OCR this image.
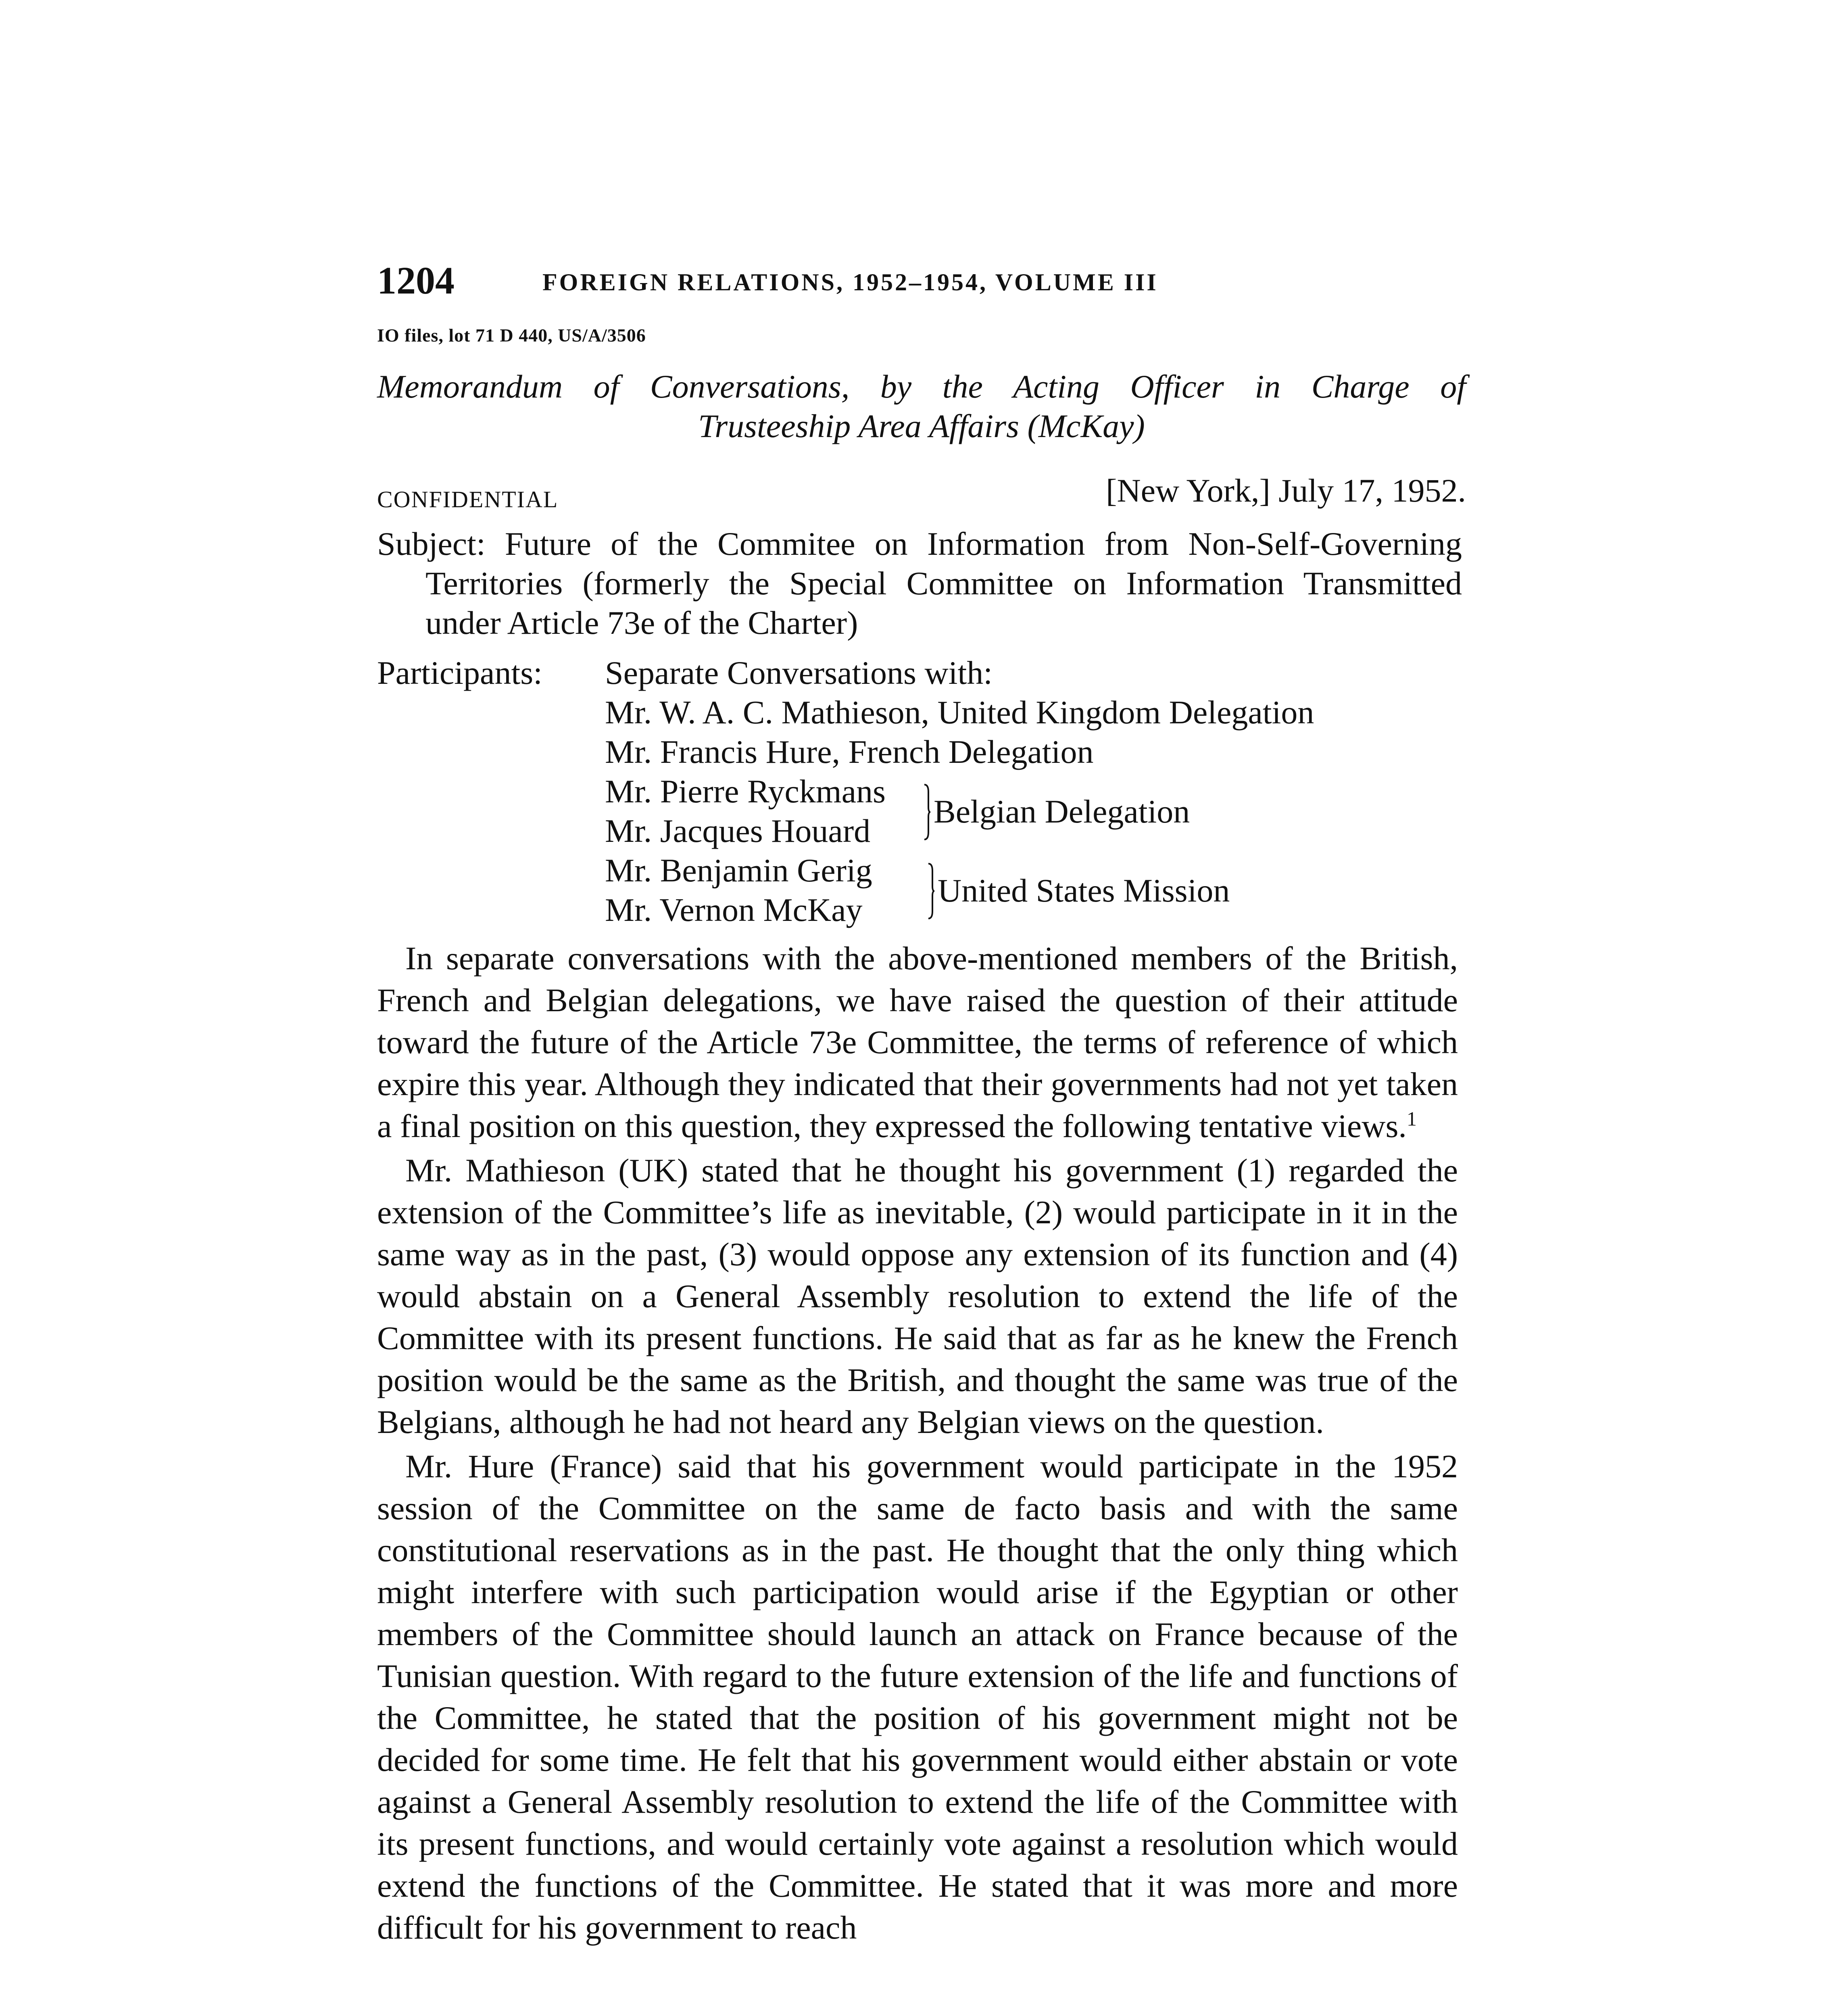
1204	FOREIGN RELATIONS, 1952–1954, VOLUME III
IO files, lot 71 D 440, US/A/3506
Memorandum of Conversations, by the Acting Officer in Charge of
Trusteeship Area Affairs (McKay)
CONFIDENTIAL	[New York,] July 17, 1952.
Subject: Future of the Commitee on Information from Non-Self-Governing Territories (formerly the Special Committee on Information Transmitted under Article 73e of the Charter)
Participants: Separate Conversations with:
Mr. W. A. C. Mathieson, United Kingdom Delegation
Mr. Francis Hure, French Delegation
Mr. Pierre Ryckmans
Mr. Jacques Houard
Belgian Delegation
Mr. Benjamin Gerig
Mr. Vernon McKay
United States Mission

In separate conversations with the above-mentioned members of the British, French and Belgian delegations, we have raised the question of their attitude toward the future of the Article 73e Committee, the terms of reference of which expire this year. Although they indicated that their governments had not yet taken a final position on this question, they expressed the following tentative views.$^1$

Mr. Mathieson (UK) stated that he thought his government (1) regarded the extension of the Committee’s life as inevitable, (2) would participate in it in the same way as in the past, (3) would oppose any extension of its function and (4) would abstain on a General Assembly resolution to extend the life of the Committee with its present functions. He said that as far as he knew the French position would be the same as the British, and thought the same was true of the Belgians, although he had not heard any Belgian views on the question.

Mr. Hure (France) said that his government would participate in the 1952 session of the Committee on the same de facto basis and with the same constitutional reservations as in the past. He thought that the only thing which might interfere with such participation would arise if the Egyptian or other members of the Committee should launch an attack on France because of the Tunisian question. With regard to the future extension of the life and functions of the Committee, he stated that the position of his government might not be decided for some time. He felt that his government would either abstain or vote against a General Assembly resolution to extend the life of the Committee with its present functions, and would certainly vote against a resolution which would extend the functions of the Committee. He stated that it was more and more difficult for his government to reach
